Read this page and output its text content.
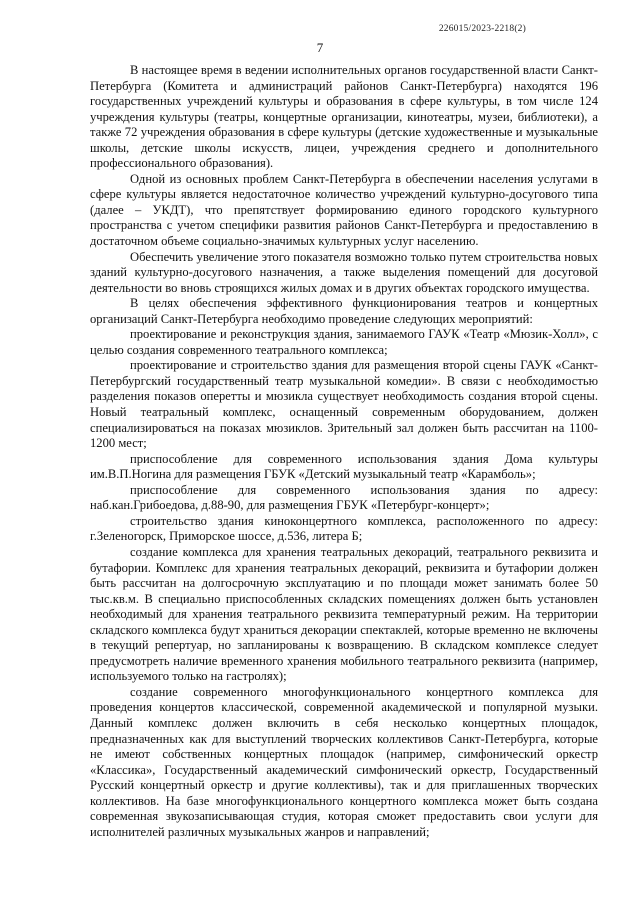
226015/2023-2218(2)
7

В настоящее время в ведении исполнительных органов государственной власти Санкт-Петербурга (Комитета и администраций районов Санкт-Петербурга) находятся 196 государственных учреждений культуры и образования в сфере культуры, в том числе 124 учреждения культуры (театры, концертные организации, кинотеатры, музеи, библиотеки), а также 72 учреждения образования в сфере культуры (детские художественные и музыкальные школы, детские школы искусств, лицеи, учреждения среднего и дополнительного профессионального образования).

Одной из основных проблем Санкт-Петербурга в обеспечении населения услугами в сфере культуры является недостаточное количество учреждений культурно-досугового типа (далее – УКДТ), что препятствует формированию единого городского культурного пространства с учетом специфики развития районов Санкт-Петербурга и предоставлению в достаточном объеме социально-значимых культурных услуг населению.

Обеспечить увеличение этого показателя возможно только путем строительства новых зданий культурно-досугового назначения, а также выделения помещений для досуговой деятельности во вновь строящихся жилых домах и в других объектах городского имущества.

В целях обеспечения эффективного функционирования театров и концертных организаций Санкт-Петербурга необходимо проведение следующих мероприятий:

проектирование и реконструкция здания, занимаемого ГАУК «Театр «Мюзик-Холл», с целью создания современного театрального комплекса;

проектирование и строительство здания для размещения второй сцены ГАУК «Санкт-Петербургский государственный театр музыкальной комедии». В связи с необходимостью разделения показов оперетты и мюзикла существует необходимость создания второй сцены. Новый театральный комплекс, оснащенный современным оборудованием, должен специализироваться на показах мюзиклов. Зрительный зал должен быть рассчитан на 1100-1200 мест;

приспособление для современного использования здания Дома культуры им.В.П.Ногина для размещения ГБУК «Детский музыкальный театр «Карамболь»;

приспособление для современного использования здания по адресу: наб.кан.Грибоедова, д.88-90, для размещения ГБУК «Петербург-концерт»;

строительство здания киноконцертного комплекса, расположенного по адресу: г.Зеленогорск, Приморское шоссе, д.536, литера Б;

создание комплекса для хранения театральных декораций, театрального реквизита и бутафории. Комплекс для хранения театральных декораций, реквизита и бутафории должен быть рассчитан на долгосрочную эксплуатацию и по площади может занимать более 50 тыс.кв.м. В специально приспособленных складских помещениях должен быть установлен необходимый для хранения театрального реквизита температурный режим. На территории складского комплекса будут храниться декорации спектаклей, которые временно не включены в текущий репертуар, но запланированы к возвращению. В складском комплексе следует предусмотреть наличие временного хранения мобильного театрального реквизита (например, используемого только на гастролях);

создание современного многофункционального концертного комплекса для проведения концертов классической, современной академической и популярной музыки. Данный комплекс должен включить в себя несколько концертных площадок, предназначенных как для выступлений творческих коллективов Санкт-Петербурга, которые не имеют собственных концертных площадок (например, симфонический оркестр «Классика», Государственный академический симфонический оркестр, Государственный Русский концертный оркестр и другие коллективы), так и для приглашенных творческих коллективов. На базе многофункционального концертного комплекса может быть создана современная звукозаписывающая студия, которая сможет предоставить свои услуги для исполнителей различных музыкальных жанров и направлений;
